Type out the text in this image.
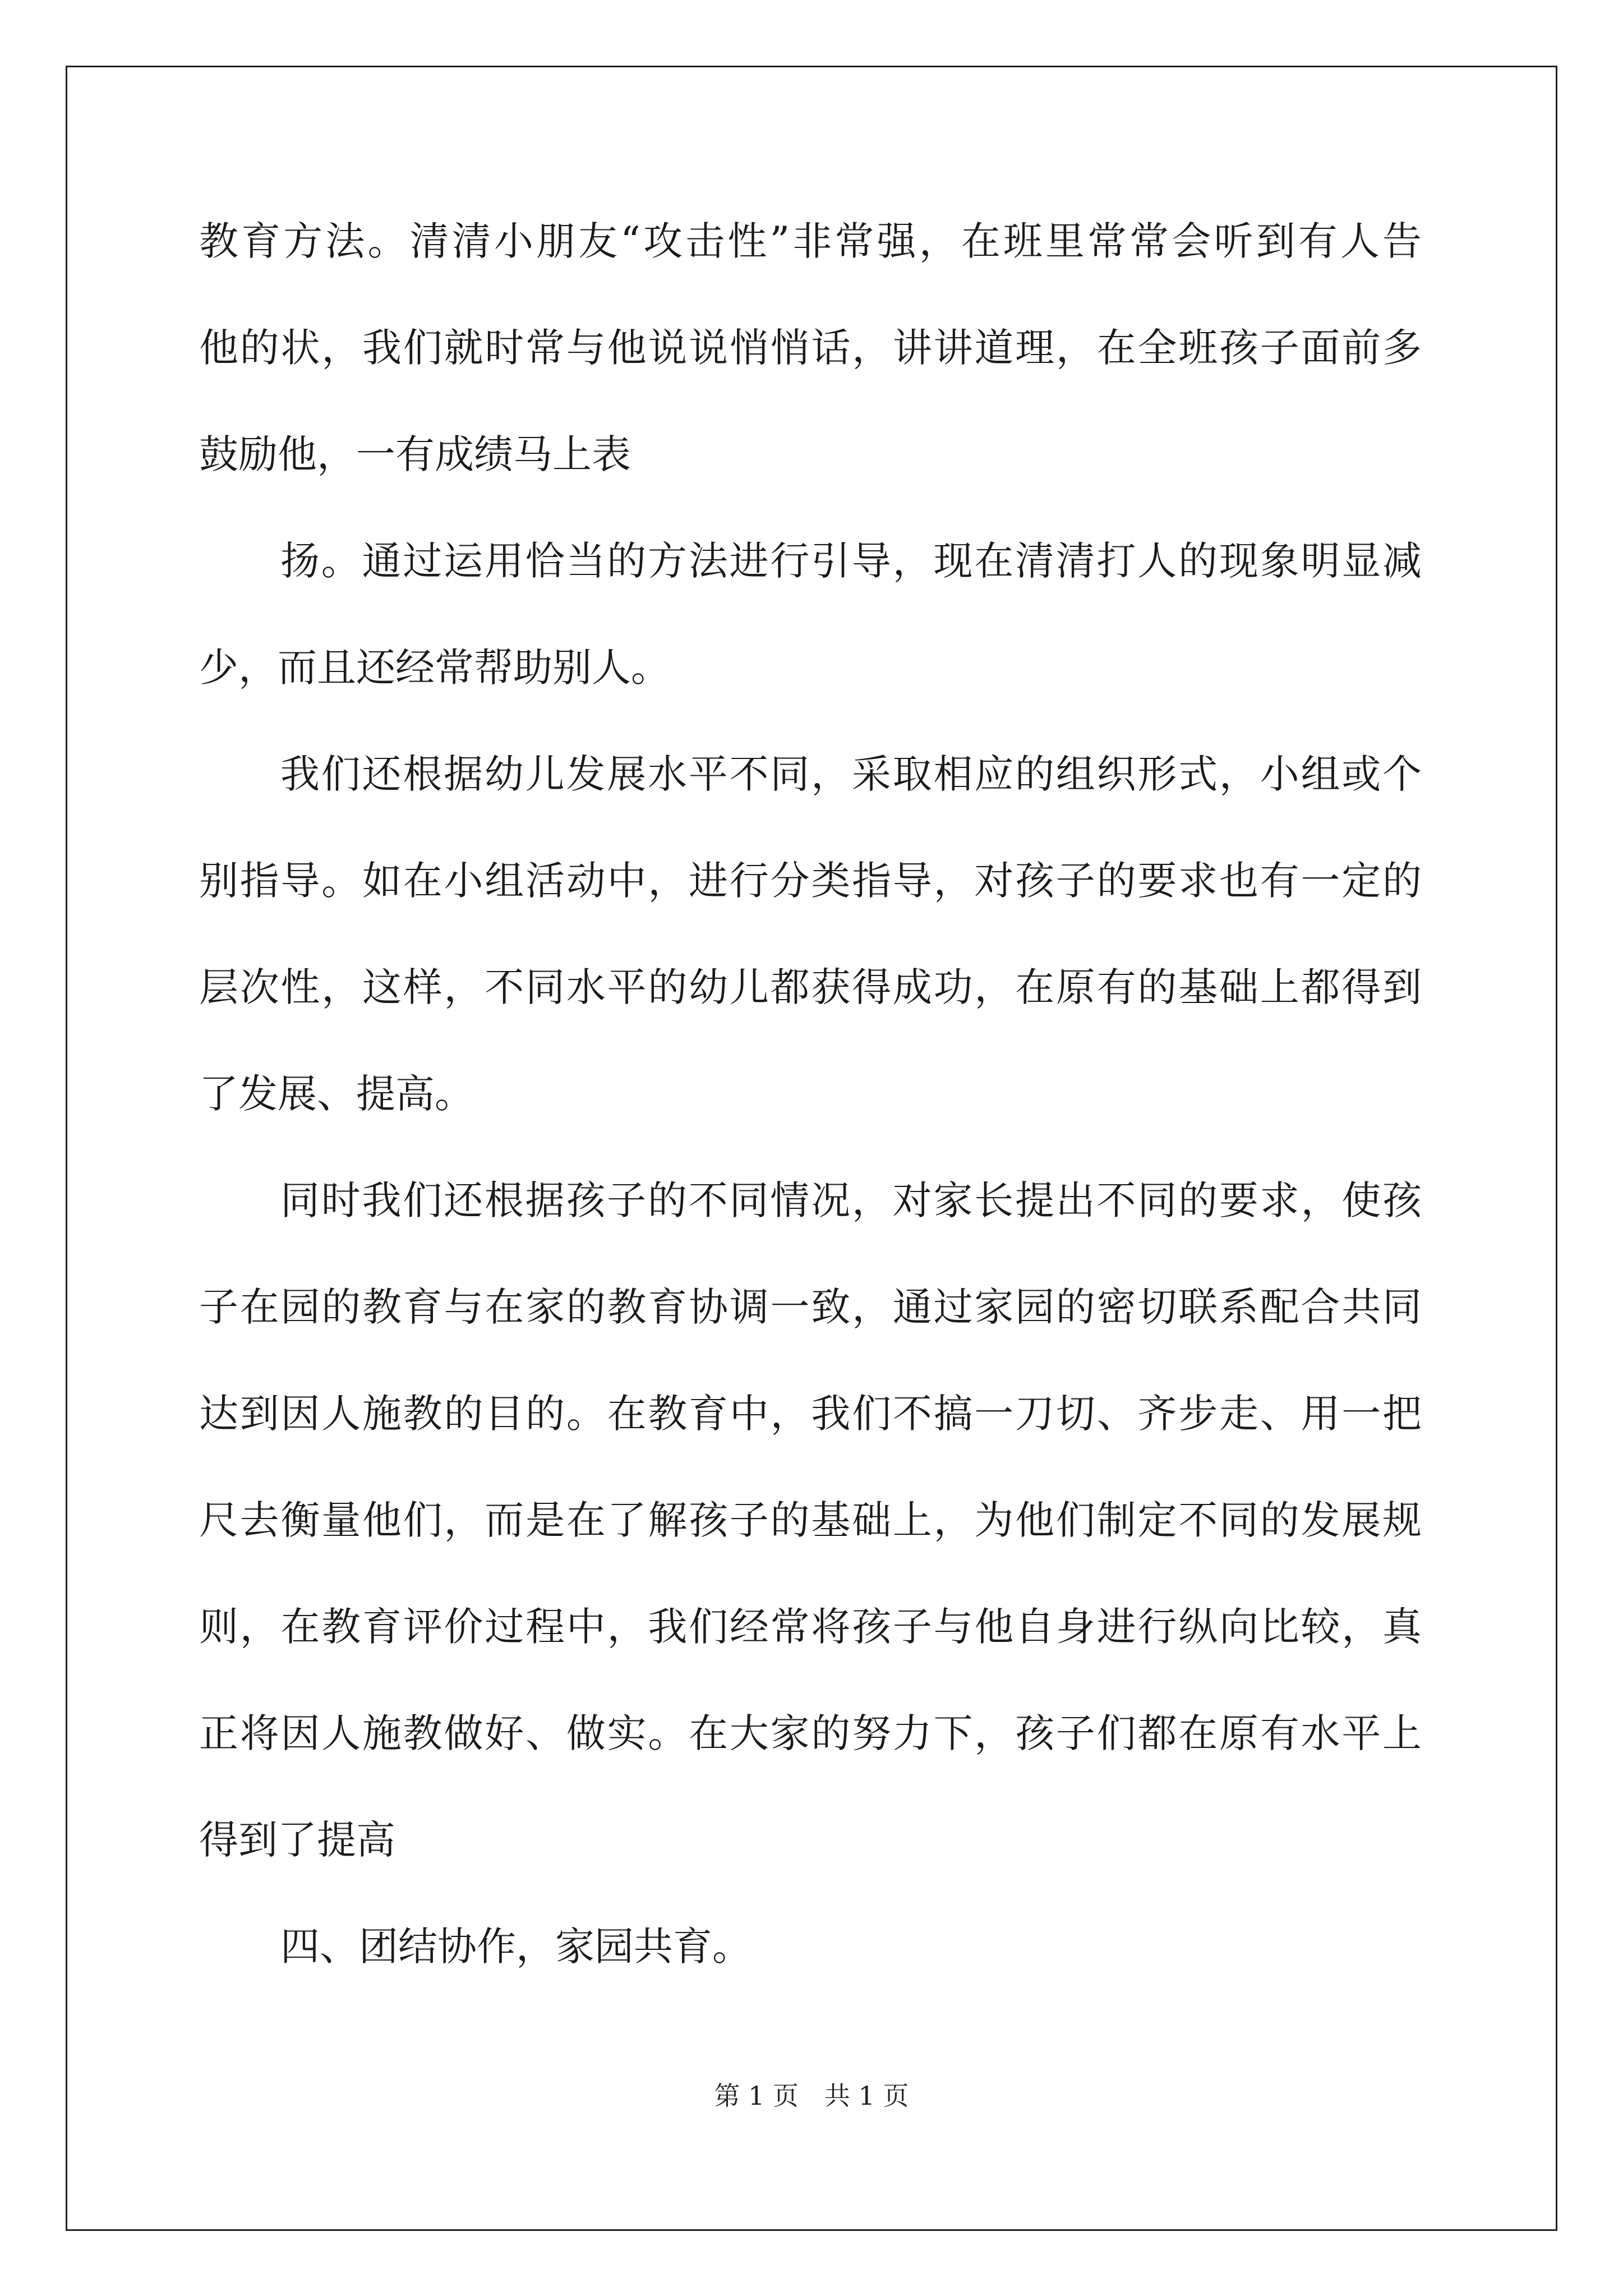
教育方法。清清小朋友“攻击性”非常强，在班里常常会听到有人告
他的状，我们就时常与他说说悄悄话，讲讲道理，在全班孩子面前多
鼓励他，一有成绩马上表
扬。通过运用恰当的方法进行引导，现在清清打人的现象明显减
少，而且还经常帮助别人。
我们还根据幼儿发展水平不同，采取相应的组织形式，小组或个
别指导。如在小组活动中，进行分类指导，对孩子的要求也有一定的
层次性，这样，不同水平的幼儿都获得成功，在原有的基础上都得到
了发展、提高。
同时我们还根据孩子的不同情况，对家长提出不同的要求，使孩
子在园的教育与在家的教育协调一致，通过家园的密切联系配合共同
达到因人施教的目的。在教育中，我们不搞一刀切、齐步走、用一把
尺去衡量他们，而是在了解孩子的基础上，为他们制定不同的发展规
则，在教育评价过程中，我们经常将孩子与他自身进行纵向比较，真
正将因人施教做好、做实。在大家的努力下，孩子们都在原有水平上
得到了提高
四、团结协作，家园共育。
第 1 页　共 1 页
